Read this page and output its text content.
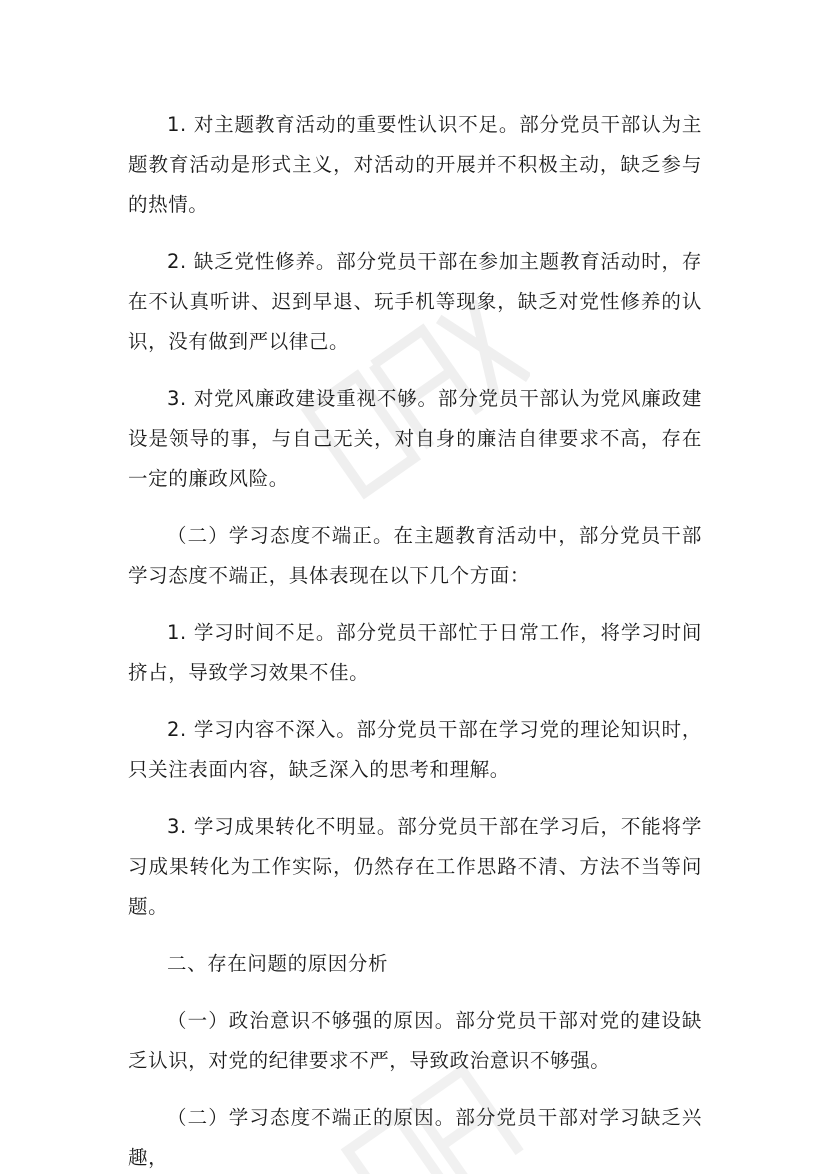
1. 对主题教育活动的重要性认识不足。部分党员干部认为主题教育活动是形式主义，对活动的开展并不积极主动，缺乏参与的热情。

2. 缺乏党性修养。部分党员干部在参加主题教育活动时，存在不认真听讲、迟到早退、玩手机等现象，缺乏对党性修养的认识，没有做到严以律己。

3. 对党风廉政建设重视不够。部分党员干部认为党风廉政建设是领导的事，与自己无关，对自身的廉洁自律要求不高，存在一定的廉政风险。

（二）学习态度不端正。在主题教育活动中，部分党员干部学习态度不端正，具体表现在以下几个方面：

1. 学习时间不足。部分党员干部忙于日常工作，将学习时间挤占，导致学习效果不佳。

2. 学习内容不深入。部分党员干部在学习党的理论知识时，只关注表面内容，缺乏深入的思考和理解。

3. 学习成果转化不明显。部分党员干部在学习后，不能将学习成果转化为工作实际，仍然存在工作思路不清、方法不当等问题。

二、存在问题的原因分析

（一）政治意识不够强的原因。部分党员干部对党的建设缺乏认识，对党的纪律要求不严，导致政治意识不够强。

（二）学习态度不端正的原因。部分党员干部对学习缺乏兴趣，
